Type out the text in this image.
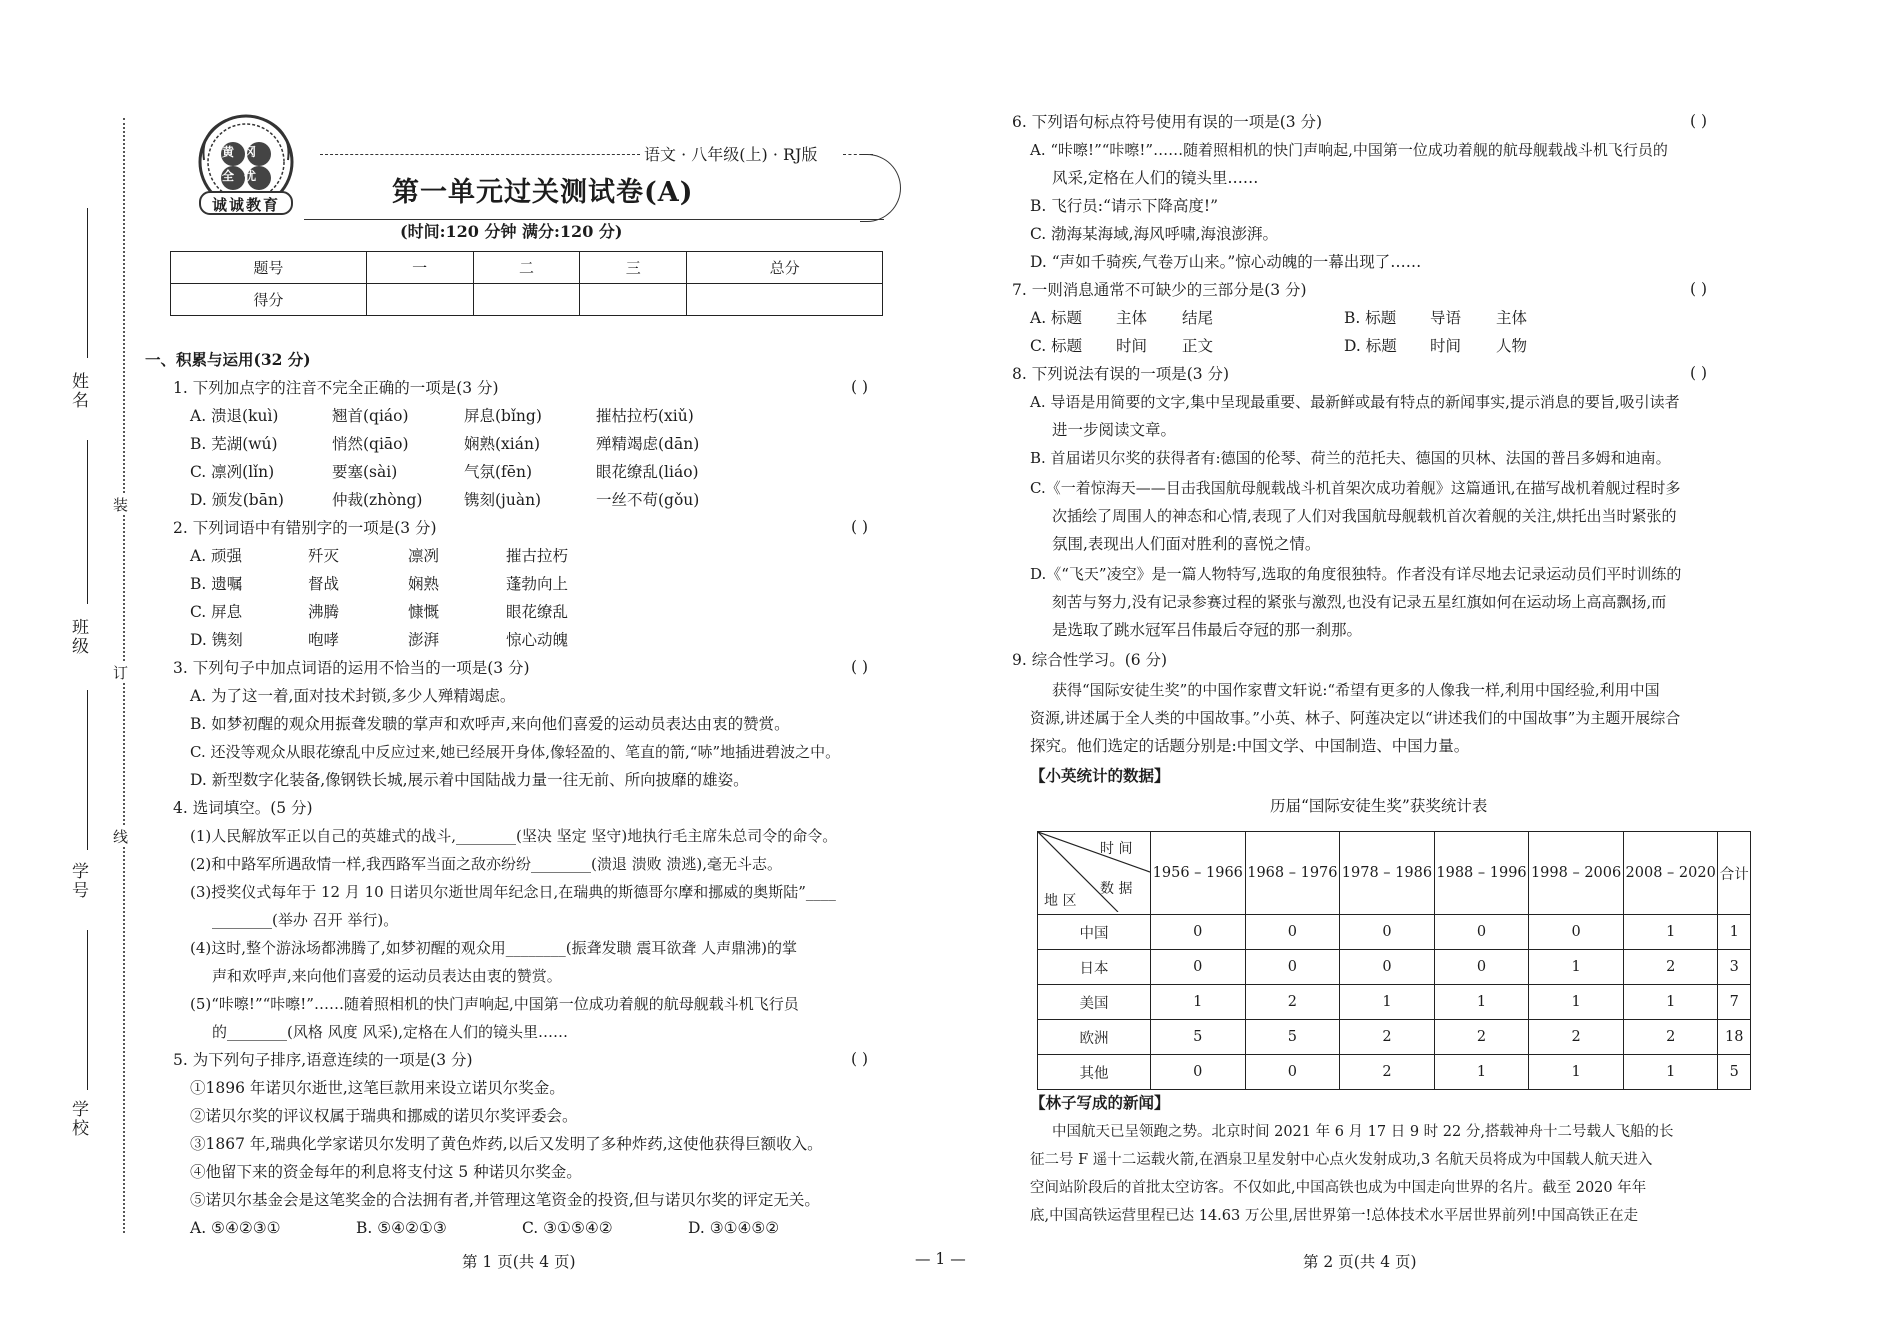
姓名
班级
学号
学校
装
订
线
黄冈
全优
诚诚教育
语文 · 八年级(上) · RJ版
第一单元过关测试卷(A)
(时间:120 分钟 满分:120 分)
题号	一	二	三	总分
得分				
一、积累与运用(32 分)
1. 下列加点字的注音不完全正确的一项是(3 分)	( )
A. 溃退(kuì)	翘首(qiáo)	屏息(bǐng)	摧枯拉朽(xiǔ)
B. 芜湖(wú)	悄然(qiāo)	娴熟(xián)	殚精竭虑(dān)
C. 凛冽(lǐn)	要塞(sài)	气氛(fēn)	眼花缭乱(liáo)
D. 颁发(bān)	仲裁(zhòng)	镌刻(juàn)	一丝不苟(gǒu)
2. 下列词语中有错别字的一项是(3 分)	( )
A. 顽强	歼灭	凛冽	摧古拉朽
B. 遗嘱	督战	娴熟	蓬勃向上
C. 屏息	沸腾	慷慨	眼花缭乱
D. 镌刻	咆哮	澎湃	惊心动魄
3. 下列句子中加点词语的运用不恰当的一项是(3 分)	( )
A. 为了这一着,面对技术封锁,多少人殚精竭虑。
B. 如梦初醒的观众用振聋发聩的掌声和欢呼声,来向他们喜爱的运动员表达由衷的赞赏。
C. 还没等观众从眼花缭乱中反应过来,她已经展开身体,像轻盈的、笔直的箭,“哧”地插进碧波之中。
D. 新型数字化装备,像钢铁长城,展示着中国陆战力量一往无前、所向披靡的雄姿。
4. 选词填空。(5 分)
(1)人民解放军正以自己的英雄式的战斗,________(坚决 坚定 坚守)地执行毛主席朱总司令的命令。
(2)和中路军所遇敌情一样,我西路军当面之敌亦纷纷________(溃退 溃败 溃逃),毫无斗志。
(3)授奖仪式每年于 12 月 10 日诺贝尔逝世周年纪念日,在瑞典的斯德哥尔摩和挪威的奥斯陆”____
________(举办 召开 举行)。
(4)这时,整个游泳场都沸腾了,如梦初醒的观众用________(振聋发聩 震耳欲聋 人声鼎沸)的掌
声和欢呼声,来向他们喜爱的运动员表达由衷的赞赏。
(5)“咔嚓!”“咔嚓!”……随着照相机的快门声响起,中国第一位成功着舰的航母舰载斗机飞行员
的________(风格 风度 风采),定格在人们的镜头里……
5. 为下列句子排序,语意连续的一项是(3 分)	( )
①1896 年诺贝尔逝世,这笔巨款用来设立诺贝尔奖金。
②诺贝尔奖的评议权属于瑞典和挪威的诺贝尔奖评委会。
③1867 年,瑞典化学家诺贝尔发明了黄色炸药,以后又发明了多种炸药,这使他获得巨额收入。
④他留下来的资金每年的利息将支付这 5 种诺贝尔奖金。
⑤诺贝尔基金会是这笔奖金的合法拥有者,并管理这笔资金的投资,但与诺贝尔奖的评定无关。
A. ⑤④②③①	B. ⑤④②①③	C. ③①⑤④②	D. ③①④⑤②
6. 下列语句标点符号使用有误的一项是(3 分)	( )
A. “咔嚓!”“咔嚓!”……随着照相机的快门声响起,中国第一位成功着舰的航母舰载战斗机飞行员的
风采,定格在人们的镜头里……
B. 飞行员:“请示下降高度!”
C. 渤海某海域,海风呼啸,海浪澎湃。
D. “声如千骑疾,气卷万山来。”惊心动魄的一幕出现了……
7. 一则消息通常不可缺少的三部分是(3 分)	( )
A. 标题 主体 结尾	B. 标题 导语 主体
C. 标题 时间 正文	D. 标题 时间 人物
8. 下列说法有误的一项是(3 分)	( )
A. 导语是用简要的文字,集中呈现最重要、最新鲜或最有特点的新闻事实,提示消息的要旨,吸引读者
进一步阅读文章。
B. 首届诺贝尔奖的获得者有:德国的伦琴、荷兰的范托夫、德国的贝林、法国的普吕多姆和迪南。
C.《一着惊海天——目击我国航母舰载战斗机首架次成功着舰》这篇通讯,在描写战机着舰过程时多
次插绘了周围人的神态和心情,表现了人们对我国航母舰载机首次着舰的关注,烘托出当时紧张的
氛围,表现出人们面对胜利的喜悦之情。
D.《“飞天”凌空》是一篇人物特写,选取的角度很独特。作者没有详尽地去记录运动员们平时训练的
刻苦与努力,没有记录参赛过程的紧张与激烈,也没有记录五星红旗如何在运动场上高高飘扬,而
是选取了跳水冠军吕伟最后夺冠的那一刹那。
9. 综合性学习。(6 分)
获得“国际安徒生奖”的中国作家曹文轩说:“希望有更多的人像我一样,利用中国经验,利用中国
资源,讲述属于全人类的中国故事。”小英、林子、阿莲决定以“讲述我们的中国故事”为主题开展综合
探究。他们选定的话题分别是:中国文学、中国制造、中国力量。
【小英统计的数据】
历届“国际安徒生奖”获奖统计表
时 间
数 据
地 区	1956 – 1966	1968 – 1976	1978 – 1986	1988 – 1996	1998 – 2006	2008 – 2020	合计
中国	0	0	0	0	0	1	1
日本	0	0	0	0	1	2	3
美国	1	2	1	1	1	1	7
欧洲	5	5	2	2	2	2	18
其他	0	0	2	1	1	1	5
【林子写成的新闻】
中国航天已呈领跑之势。北京时间 2021 年 6 月 17 日 9 时 22 分,搭载神舟十二号载人飞船的长
征二号 F 遥十二运载火箭,在酒泉卫星发射中心点火发射成功,3 名航天员将成为中国载人航天进入
空间站阶段后的首批太空访客。不仅如此,中国高铁也成为中国走向世界的名片。截至 2020 年年
底,中国高铁运营里程已达 14.63 万公里,居世界第一!总体技术水平居世界前列!中国高铁正在走
第 1 页(共 4 页)	— 1 —	第 2 页(共 4 页)
